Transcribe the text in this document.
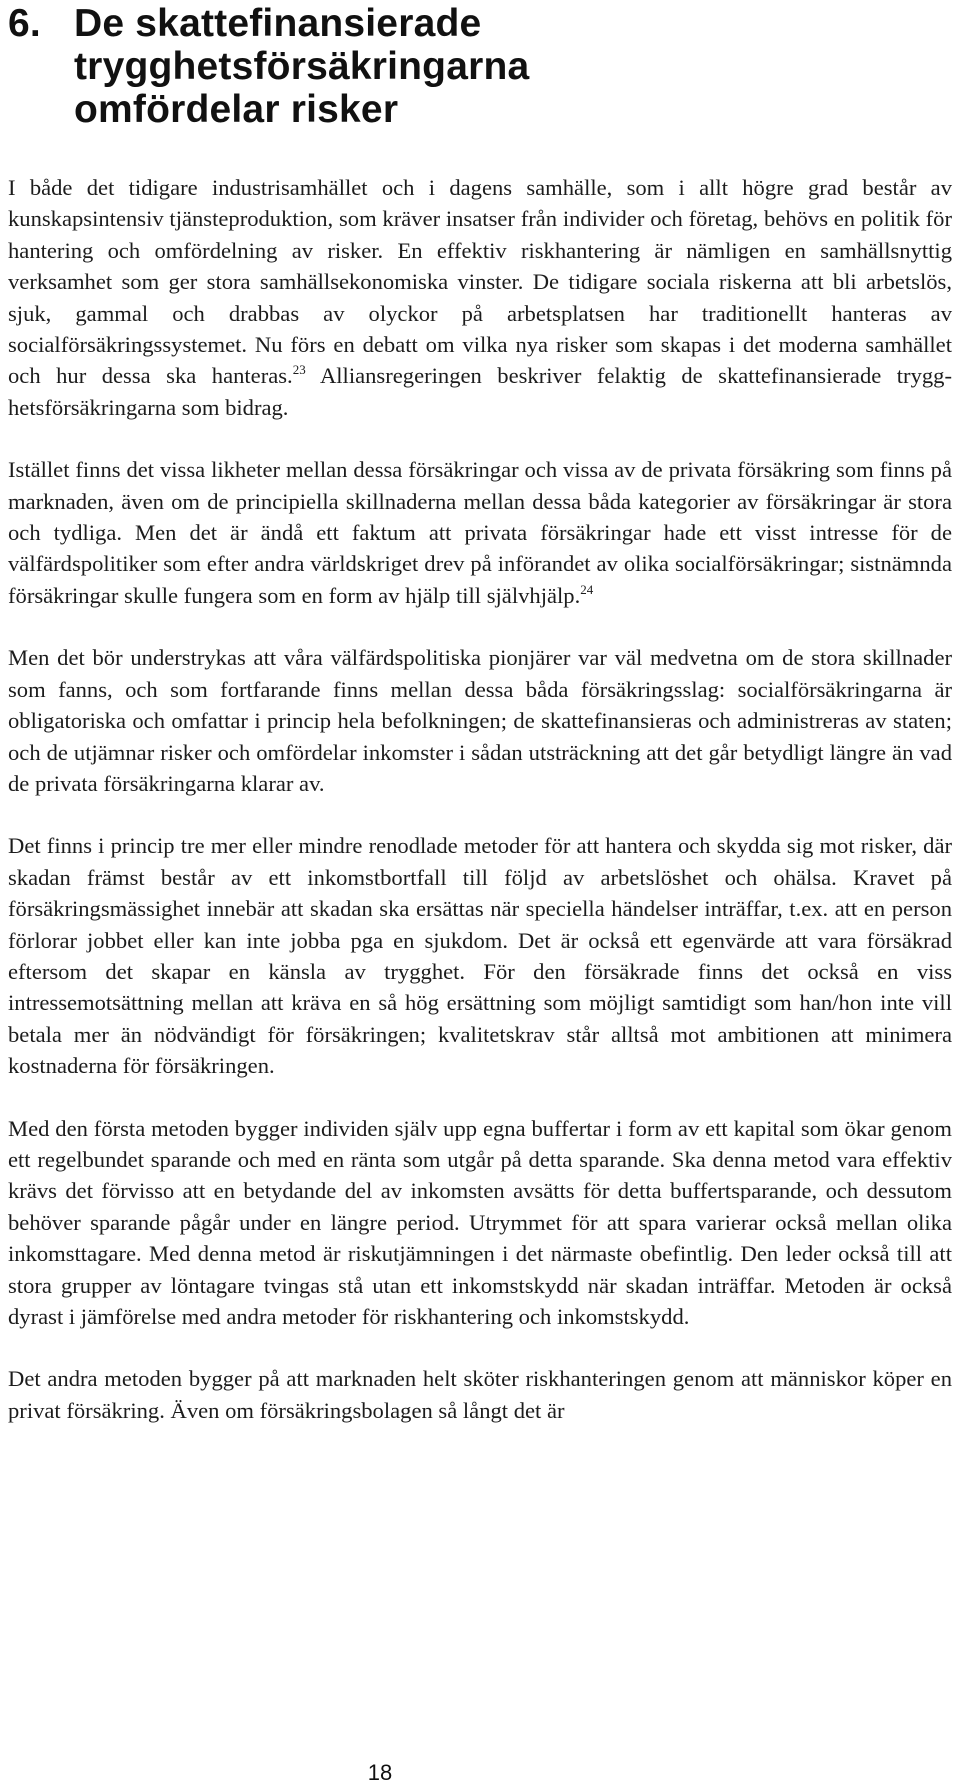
6. De skattefinansierade
trygghetsförsäkringarna
omfördelar risker

I både det tidigare industrisamhället och i dagens samhälle, som i allt högre grad består av kunskapsintensiv tjänsteproduktion, som kräver insatser från individer och företag, behövs en politik för hantering och omfördelning av risker. En effektiv riskhantering är nämligen en samhällsnyttig verksamhet som ger stora samhällsekonomiska vinster. De tidigare sociala riskerna att bli arbetslös, sjuk, gammal och drabbas av olyckor på arbetsplatsen har traditionellt hanteras av socialförsäkringssystemet. Nu förs en debatt om vilka nya risker som skapas i det moderna samhället och hur dessa ska hanteras.$^{23}$ Alliansregeringen beskriver felaktig de skattefinansierade trygghetsförsäkringarna som bidrag.

Istället finns det vissa likheter mellan dessa försäkringar och vissa av de privata försäkring som finns på marknaden, även om de principiella skillnaderna mellan dessa båda kategorier av försäkringar är stora och tydliga. Men det är ändå ett faktum att privata försäkringar hade ett visst intresse för de välfärdspolitiker som efter andra världskriget drev på införandet av olika socialförsäkringar; sistnämnda försäkringar skulle fungera som en form av hjälp till självhjälp.$^{24}$

Men det bör understrykas att våra välfärdspolitiska pionjärer var väl medvetna om de stora skillnader som fanns, och som fortfarande finns mellan dessa båda försäkringsslag: socialförsäkringarna är obligatoriska och omfattar i princip hela befolkningen; de skattefinansieras och administreras av staten; och de utjämnar risker och omfördelar inkomster i sådan utsträckning att det går betydligt längre än vad de privata försäkringarna klarar av.

Det finns i princip tre mer eller mindre renodlade metoder för att hantera och skydda sig mot risker, där skadan främst består av ett inkomstbortfall till följd av arbetslöshet och ohälsa. Kravet på försäkringsmässighet innebär att skadan ska ersättas när speciella händelser inträffar, t.ex. att en person förlorar jobbet eller kan inte jobba pga en sjukdom. Det är också ett egenvärde att vara försäkrad eftersom det skapar en känsla av trygghet. För den försäkrade finns det också en viss intressemotsättning mellan att kräva en så hög ersättning som möjligt samtidigt som han/hon inte vill betala mer än nödvändigt för försäkringen; kvalitetskrav står alltså mot ambitionen att minimera kostnaderna för försäkringen.

Med den första metoden bygger individen själv upp egna buffertar i form av ett kapital som ökar genom ett regelbundet sparande och med en ränta som utgår på detta sparande. Ska denna metod vara effektiv krävs det förvisso att en betydande del av inkomsten avsätts för detta buffertsparande, och dessutom behöver sparande pågår under en längre period. Utrymmet för att spara varierar också mellan olika inkomsttagare. Med denna metod är riskutjämningen i det närmaste obefintlig. Den leder också till att stora grupper av löntagare tvingas stå utan ett inkomstskydd när skadan inträffar. Metoden är också dyrast i jämförelse med andra metoder för riskhantering och inkomstskydd.

Det andra metoden bygger på att marknaden helt sköter riskhanteringen genom att människor köper en privat försäkring. Även om försäkringsbolagen så långt det är

18
